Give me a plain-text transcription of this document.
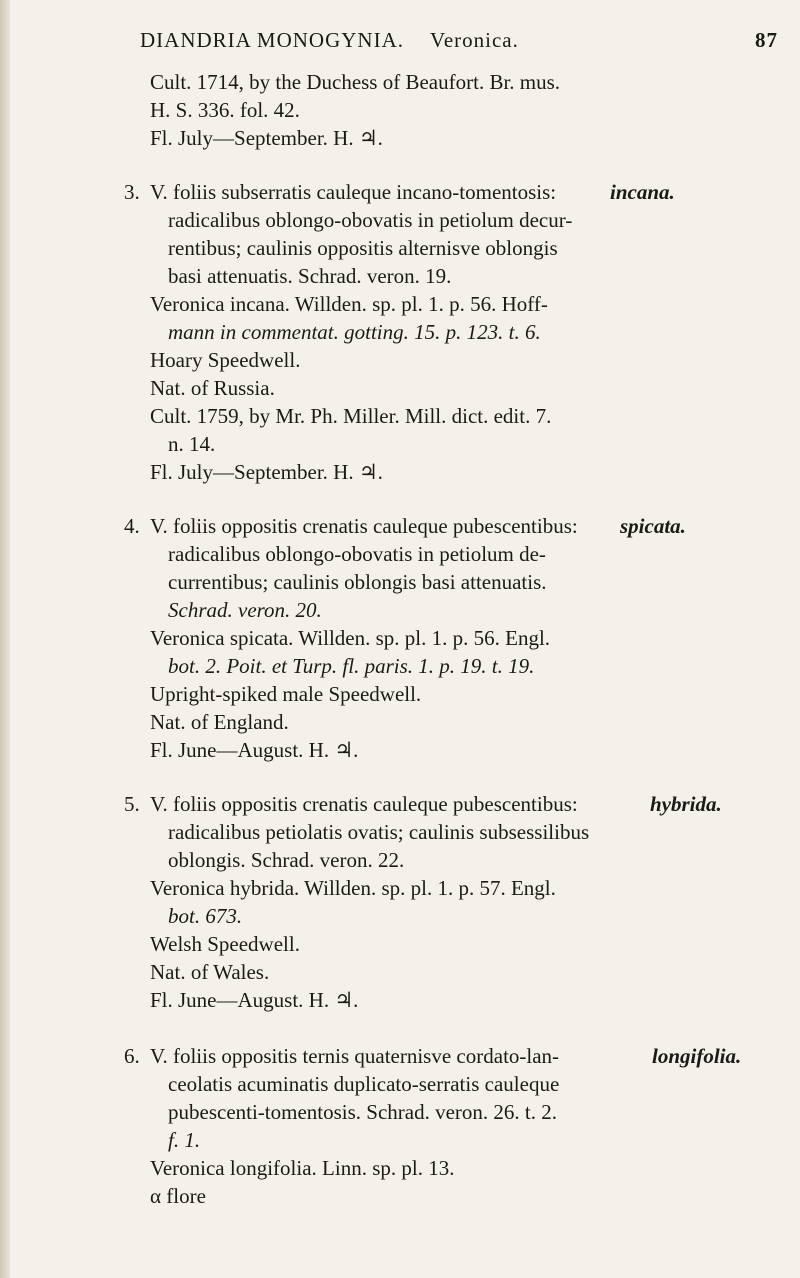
DIANDRIA MONOGYNIA. Veronica.	87
Cult. 1714, by the Duchess of Beaufort. Br. mus.
H. S. 336. fol. 42.
Fl. July—September. H. ♃.
3.	incana.
V. foliis subserratis cauleque incano-tomentosis:
radicalibus oblongo-obovatis in petiolum decur-
rentibus; caulinis oppositis alternisve oblongis
basi attenuatis. Schrad. veron. 19.
Veronica incana. Willden. sp. pl. 1. p. 56. Hoff-
mann in commentat. gotting. 15. p. 123. t. 6.
Hoary Speedwell.
Nat. of Russia.
Cult. 1759, by Mr. Ph. Miller. Mill. dict. edit. 7.
n. 14.
Fl. July—September. H. ♃.
4.	spicata.
V. foliis oppositis crenatis cauleque pubescentibus:
radicalibus oblongo-obovatis in petiolum de-
currentibus; caulinis oblongis basi attenuatis.
Schrad. veron. 20.
Veronica spicata. Willden. sp. pl. 1. p. 56. Engl.
bot. 2. Poit. et Turp. fl. paris. 1. p. 19. t. 19.
Upright-spiked male Speedwell.
Nat. of England.
Fl. June—August. H. ♃.
5.	hybrida.
V. foliis oppositis crenatis cauleque pubescentibus:
radicalibus petiolatis ovatis; caulinis subsessilibus
oblongis. Schrad. veron. 22.
Veronica hybrida. Willden. sp. pl. 1. p. 57. Engl.
bot. 673.
Welsh Speedwell.
Nat. of Wales.
Fl. June—August. H. ♃.
6.	longifolia.
V. foliis oppositis ternis quaternisve cordato-lan-
ceolatis acuminatis duplicato-serratis cauleque
pubescenti-tomentosis. Schrad. veron. 26. t. 2.
f. 1.
Veronica longifolia. Linn. sp. pl. 13.
α flore
